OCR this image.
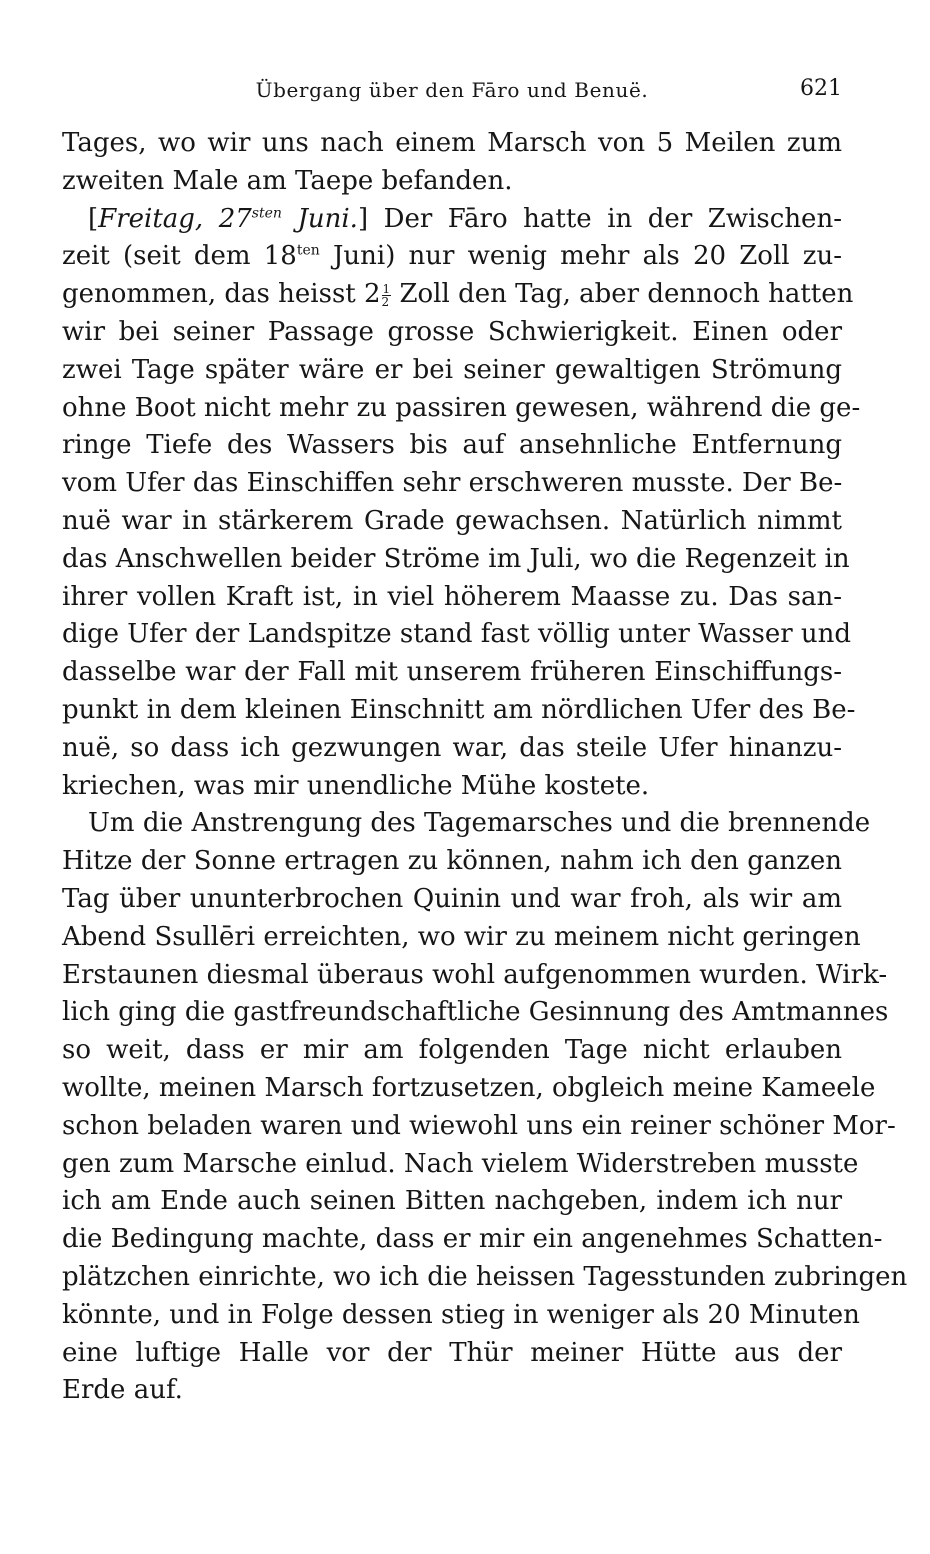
Übergang über den Fāro und Benuë.	621
Tages, wo wir uns nach einem Marsch von 5 Meilen zum
zweiten Male am Taepe befanden.
[Freitag, $27^{sten}$ Juni.] Der Fāro hatte in der Zwischen-
zeit (seit dem $18^{ten}$ Juni) nur wenig mehr als 20 Zoll zu-
genommen, das heisst $2 \frac{1}{2}$ Zoll den Tag, aber dennoch hatten
wir bei seiner Passage grosse Schwierigkeit. Einen oder
zwei Tage später wäre er bei seiner gewaltigen Strömung
ohne Boot nicht mehr zu passiren gewesen, während die ge-
ringe Tiefe des Wassers bis auf ansehnliche Entfernung
vom Ufer das Einschiffen sehr erschweren musste. Der Be-
nuë war in stärkerem Grade gewachsen. Natürlich nimmt
das Anschwellen beider Ströme im Juli, wo die Regenzeit in
ihrer vollen Kraft ist, in viel höherem Maasse zu. Das san-
dige Ufer der Landspitze stand fast völlig unter Wasser und
dasselbe war der Fall mit unserem früheren Einschiffungs-
punkt in dem kleinen Einschnitt am nördlichen Ufer des Be-
nuë, so dass ich gezwungen war, das steile Ufer hinanzu-
kriechen, was mir unendliche Mühe kostete.
Um die Anstrengung des Tagemarsches und die brennende
Hitze der Sonne ertragen zu können, nahm ich den ganzen
Tag über ununterbrochen Quinin und war froh, als wir am
Abend Ssullēri erreichten, wo wir zu meinem nicht geringen
Erstaunen diesmal überaus wohl aufgenommen wurden. Wirk-
lich ging die gastfreundschaftliche Gesinnung des Amtmannes
so weit, dass er mir am folgenden Tage nicht erlauben
wollte, meinen Marsch fortzusetzen, obgleich meine Kameele
schon beladen waren und wiewohl uns ein reiner schöner Mor-
gen zum Marsche einlud. Nach vielem Widerstreben musste
ich am Ende auch seinen Bitten nachgeben, indem ich nur
die Bedingung machte, dass er mir ein angenehmes Schatten-
plätzchen einrichte, wo ich die heissen Tagesstunden zubringen
könnte, und in Folge dessen stieg in weniger als 20 Minuten
eine luftige Halle vor der Thür meiner Hütte aus der
Erde auf.
